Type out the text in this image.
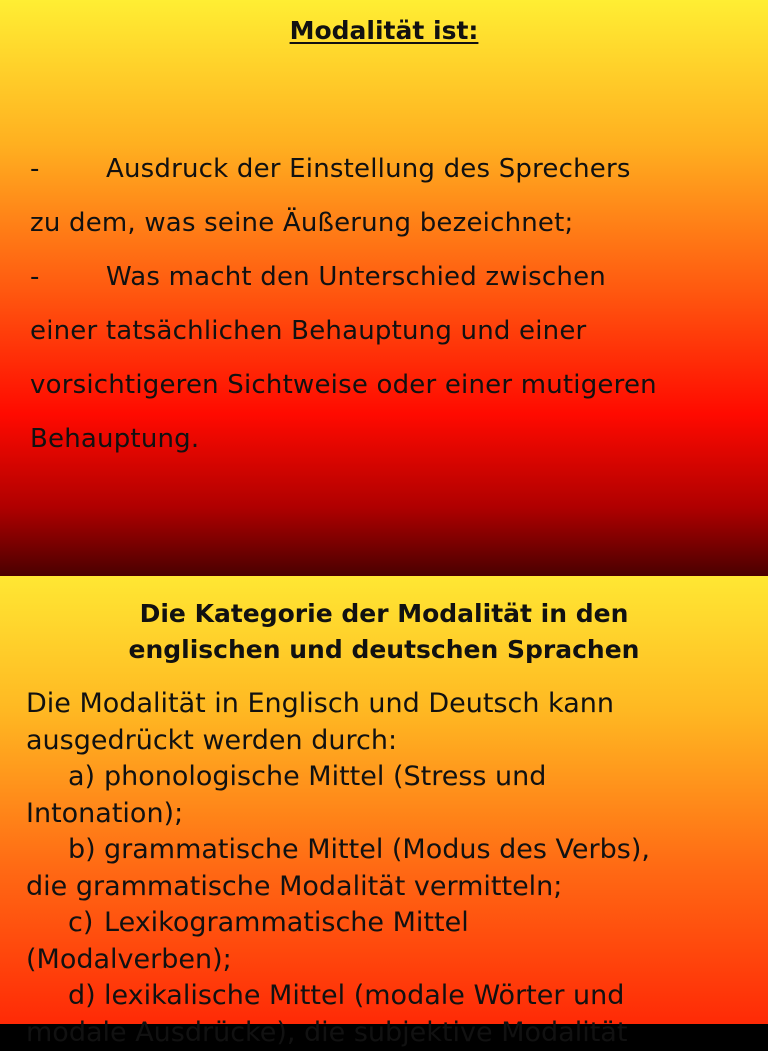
Modalität ist:
-	Ausdruck der Einstellung des Sprechers
zu dem, was seine Äußerung bezeichnet;
-	Was macht den Unterschied zwischen
einer tatsächlichen Behauptung und einer
vorsichtigeren Sichtweise oder einer mutigeren
Behauptung.
Die Kategorie der Modalität in den
englischen und deutschen Sprachen
Die Modalität in Englisch und Deutsch kann
ausgedrückt werden durch:
a) phonologische Mittel (Stress und
Intonation);
b) grammatische Mittel (Modus des Verbs),
die grammatische Modalität vermitteln;
c) Lexikogrammatische Mittel
(Modalverben);
d) lexikalische Mittel (modale Wörter und
modale Ausdrücke), die subjektive Modalität
